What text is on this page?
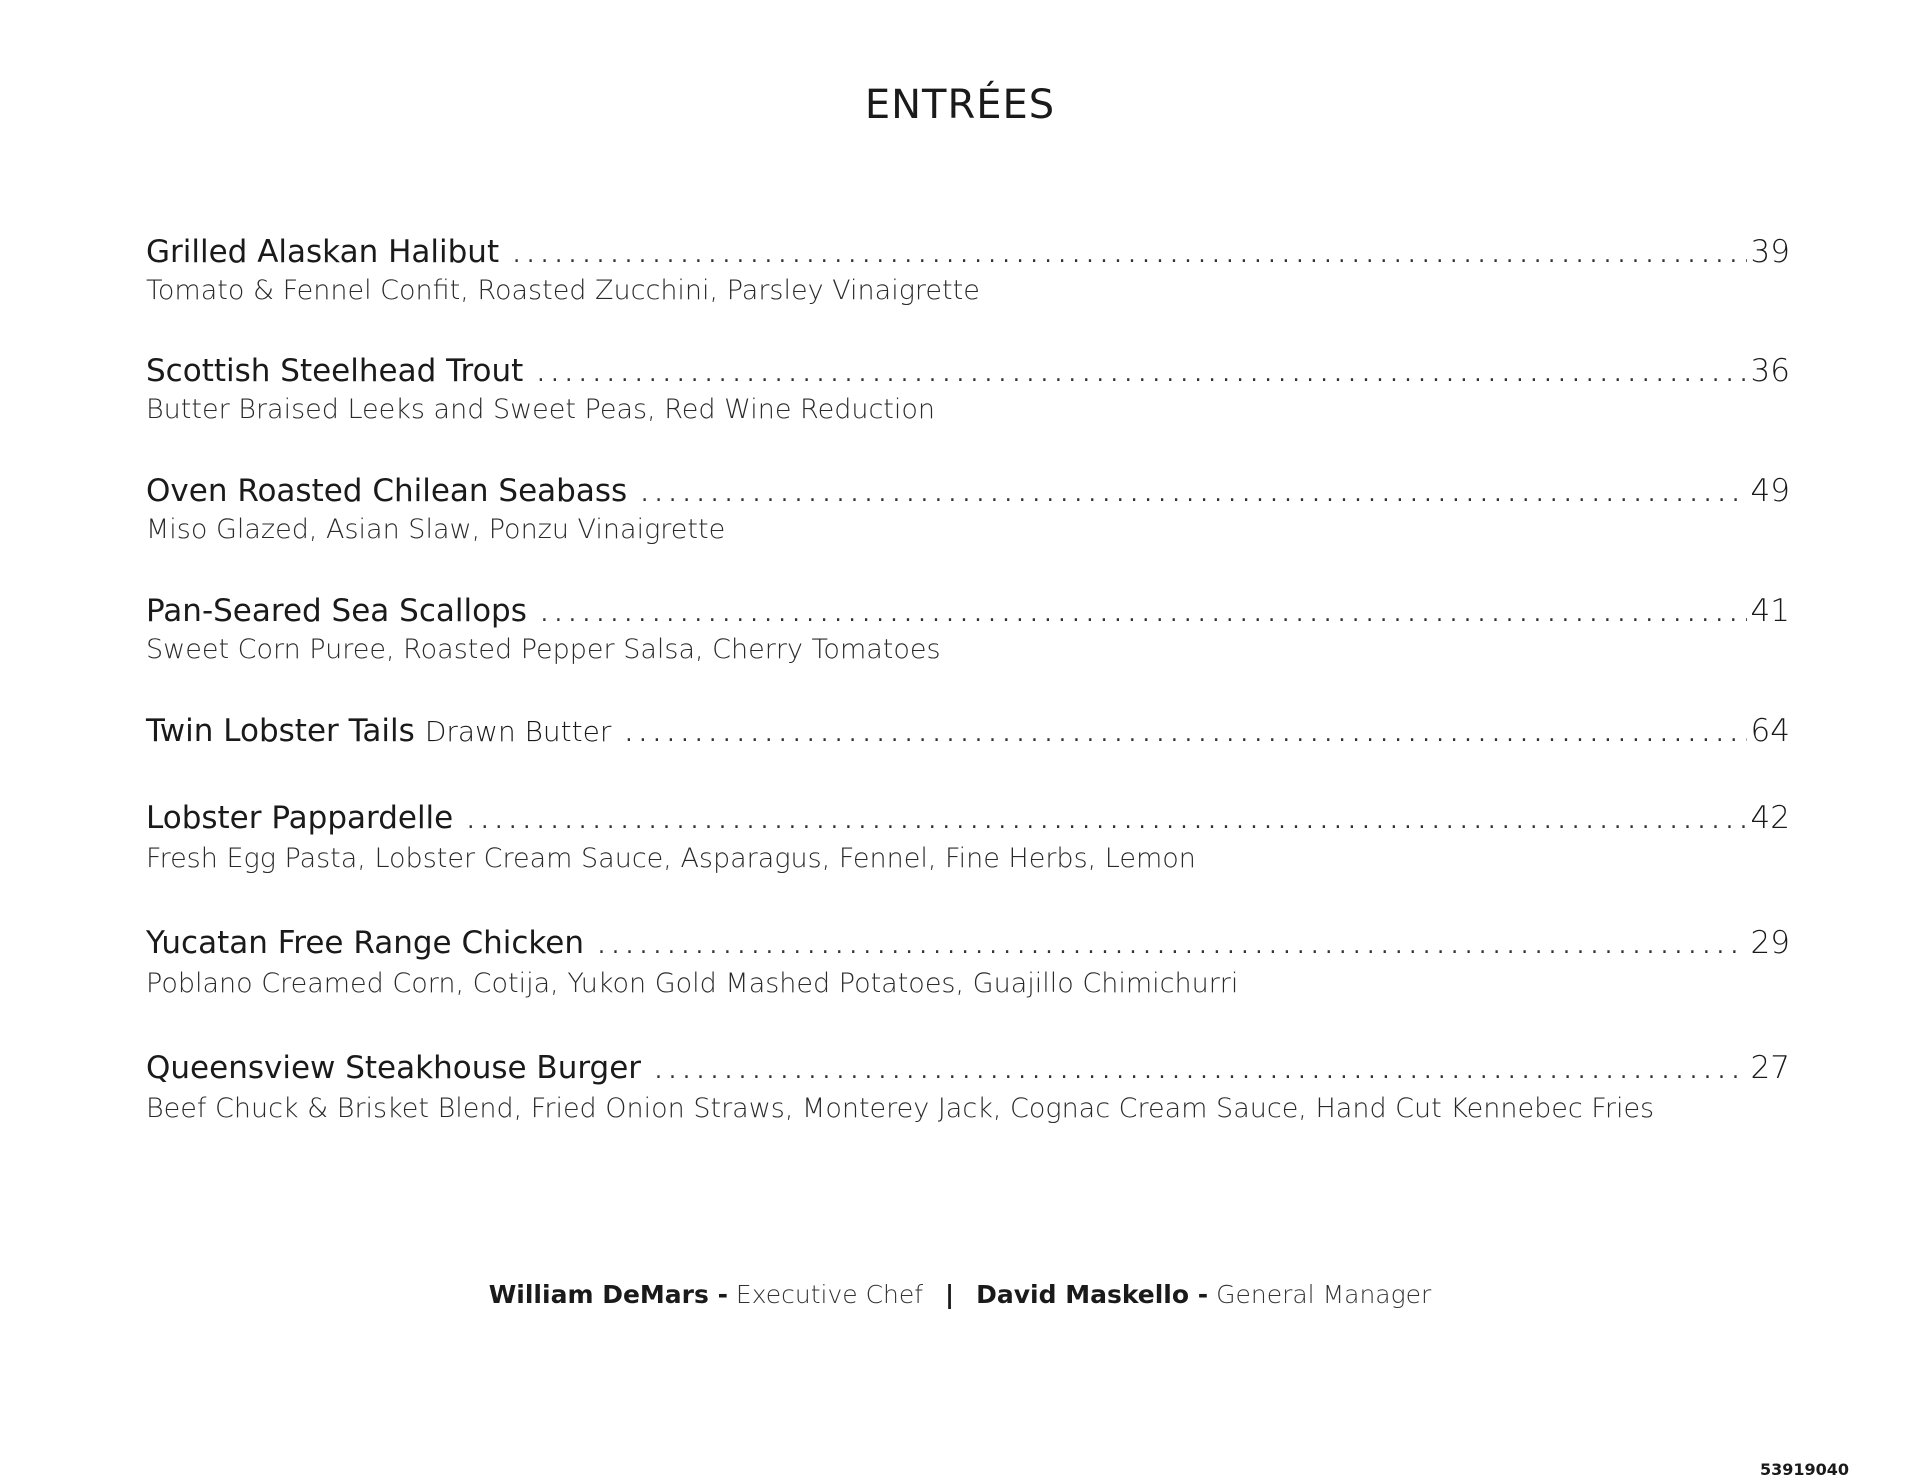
ENTRÉES
Grilled Alaskan Halibut . . .	39
Tomato & Fennel Confit, Roasted Zucchini, Parsley Vinaigrette
Scottish Steelhead Trout . . .	36
Butter Braised Leeks and Sweet Peas, Red Wine Reduction
Oven Roasted Chilean Seabass . . .	49
Miso Glazed, Asian Slaw, Ponzu Vinaigrette
Pan-Seared Sea Scallops . . .	41
Sweet Corn Puree, Roasted Pepper Salsa, Cherry Tomatoes
Twin Lobster Tails Drawn Butter . . .	64
Lobster Pappardelle . . .	42
Fresh Egg Pasta, Lobster Cream Sauce, Asparagus, Fennel, Fine Herbs, Lemon
Yucatan Free Range Chicken . . .	29
Poblano Creamed Corn, Cotija, Yukon Gold Mashed Potatoes, Guajillo Chimichurri
Queensview Steakhouse Burger . . .	27
Beef Chuck & Brisket Blend, Fried Onion Straws, Monterey Jack, Cognac Cream Sauce, Hand Cut Kennebec Fries
William DeMars - Executive Chef | David Maskello - General Manager
53919040
